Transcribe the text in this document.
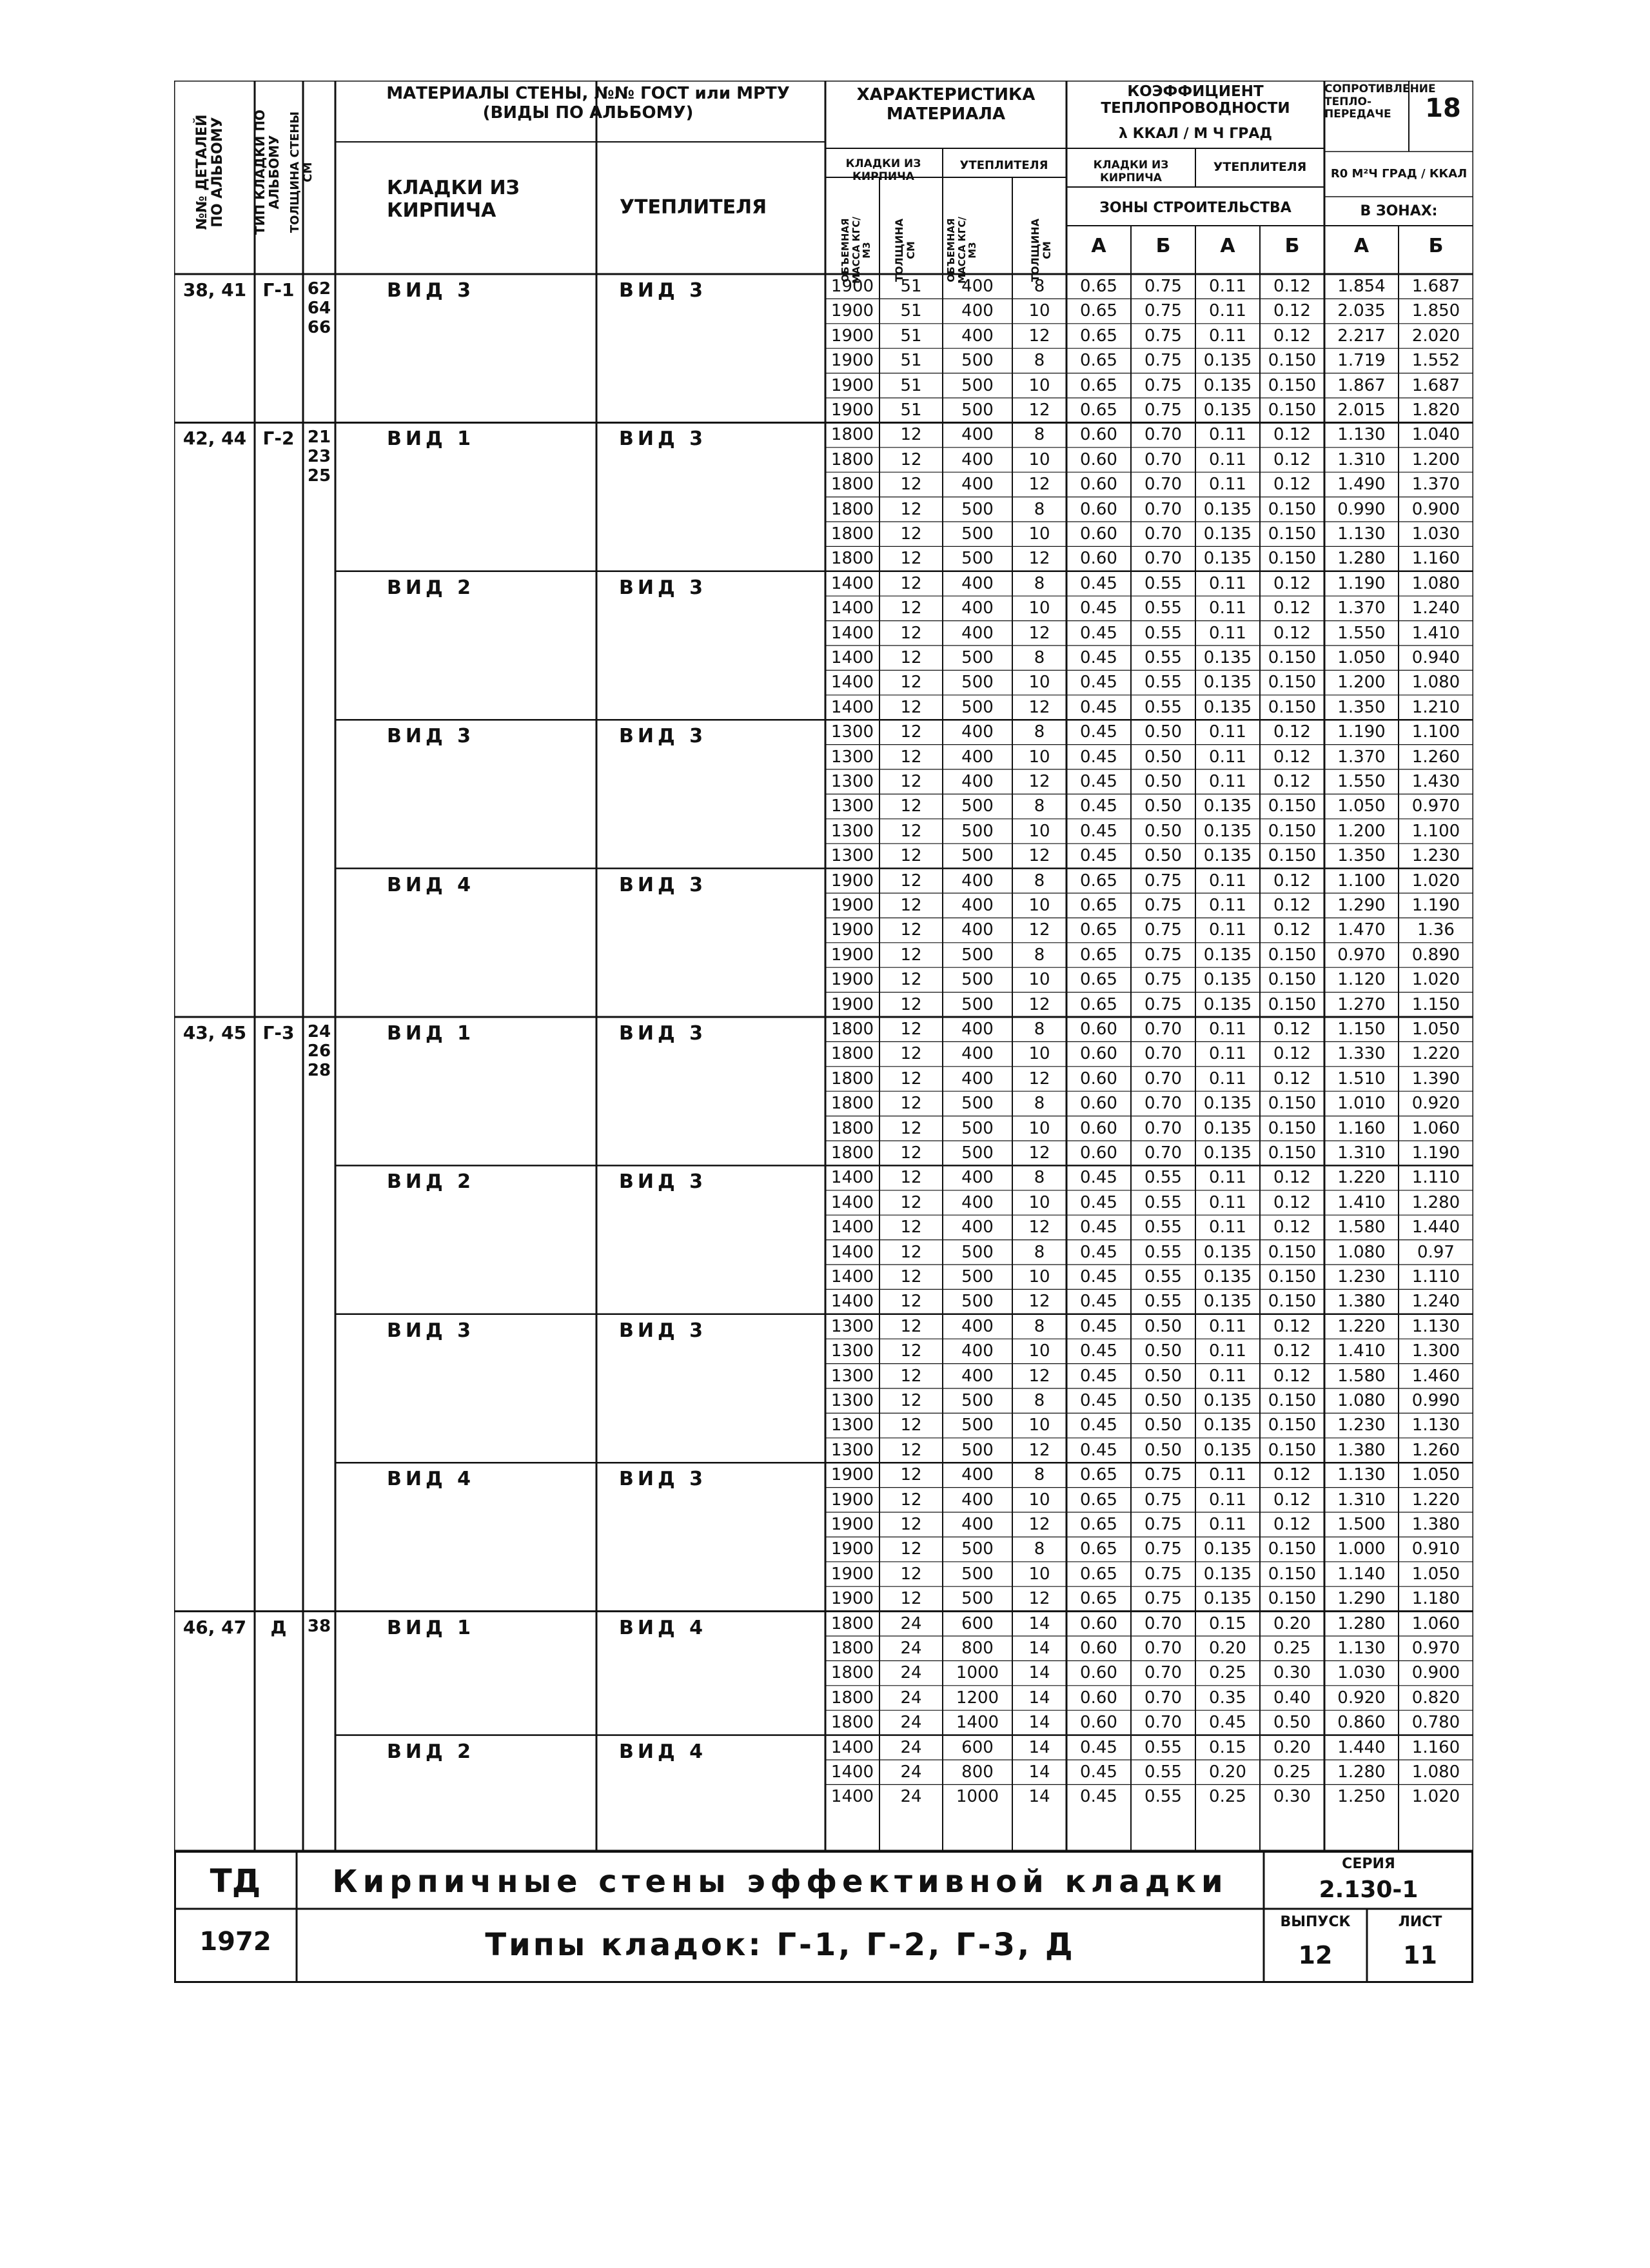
№№ ДЕТАЛЕЙ ПО АЛЬБОМУ ТИП КЛАДКИ ПО АЛЬБОМУ ТОЛЩИНА СТЕНЫ СМ
МАТЕРИАЛЫ СТЕНЫ, №№ ГОСТ или МРТУ (ВИДЫ ПО АЛЬБОМУ)
КЛАДКИ ИЗ КИРПИЧА	УТЕПЛИТЕЛЯ
ХАРАКТЕРИСТИКА МАТЕРИАЛА
КЛАДКИ ИЗ КИРПИЧА
УТЕПЛИТЕЛЯ
ОБЪЕМНАЯ МАССА КГС/М3	ТОЛЩИНА СМ	ОБЪЕМНАЯ МАССА КГС/М3	ТОЛЩИНА СМ
КОЭФФИЦИЕНТ ТЕПЛОПРОВОДНОСТИ
λ ККАЛ / М Ч ГРАД
КЛАДКИ ИЗ КИРПИЧА
УТЕПЛИТЕЛЯ
ЗОНЫ СТРОИТЕЛЬСТВА
СОПРОТИВЛЕНИЕ ТЕПЛО-ПЕРЕДАЧЕ
R0 М²Ч ГРАД / ККАЛ
В ЗОНАХ:
18
А	Б	А	Б	А	Б
ВИД 3	ВИД 3	1900	51	400	8	0.65	0.75	0.11	0.12	1.854	1.687
1900	51	400	10	0.65	0.75	0.11	0.12	2.035	1.850
1900	51	400	12	0.65	0.75	0.11	0.12	2.217	2.020
1900	51	500	8	0.65	0.75	0.135 0.150	1.719	1.552
1900	51	500	10	0.65	0.75	0.135 0.150	1.867	1.687
1900	51	500	12	0.65	0.75	0.135 0.150	2.015	1.820
38, 41 Г-1 62
64
66
ВИД 1	ВИД 3	1800	12	400	8	0.60	0.70	0.11	0.12	1.130	1.040
1800	12	400	10	0.60	0.70	0.11	0.12	1.310	1.200
1800	12	400	12	0.60	0.70	0.11	0.12	1.490	1.370
1800	12	500	8	0.60	0.70	0.135 0.150	0.990	0.900
1800	12	500	10	0.60	0.70	0.135 0.150	1.130	1.030
1800	12	500	12	0.60	0.70	0.135 0.150	1.280	1.160
ВИД 2	ВИД 3	1400	12	400	8	0.45	0.55	0.11	0.12	1.190	1.080
1400	12	400	10	0.45	0.55	0.11	0.12	1.370	1.240
1400	12	400	12	0.45	0.55	0.11	0.12	1.550	1.410
1400	12	500	8	0.45	0.55	0.135 0.150	1.050	0.940
1400	12	500	10	0.45	0.55	0.135 0.150	1.200	1.080
1400	12	500	12	0.45	0.55	0.135 0.150	1.350	1.210
ВИД 3	ВИД 3	1300	12	400	8	0.45	0.50	0.11	0.12	1.190	1.100
1300	12	400	10	0.45	0.50	0.11	0.12	1.370	1.260
1300	12	400	12	0.45	0.50	0.11	0.12	1.550	1.430
1300	12	500	8	0.45	0.50	0.135 0.150	1.050	0.970
1300	12	500	10	0.45	0.50	0.135 0.150	1.200	1.100
1300	12	500	12	0.45	0.50	0.135 0.150	1.350	1.230
ВИД 4	ВИД 3	1900	12	400	8	0.65	0.75	0.11	0.12	1.100	1.020
1900	12	400	10	0.65	0.75	0.11	0.12	1.290	1.190
1900	12	400	12	0.65	0.75	0.11	0.12	1.470	1.36
1900	12	500	8	0.65	0.75	0.135 0.150	0.970	0.890
1900	12	500	10	0.65	0.75	0.135 0.150	1.120	1.020
1900	12	500	12	0.65	0.75	0.135 0.150	1.270	1.150
42, 44 Г-2 21
23
25
ВИД 1	ВИД 3	1800	12	400	8	0.60	0.70	0.11	0.12	1.150	1.050
1800	12	400	10	0.60	0.70	0.11	0.12	1.330	1.220
1800	12	400	12	0.60	0.70	0.11	0.12	1.510	1.390
1800	12	500	8	0.60	0.70	0.135 0.150	1.010	0.920
1800	12	500	10	0.60	0.70	0.135 0.150	1.160	1.060
1800	12	500	12	0.60	0.70	0.135 0.150	1.310	1.190
ВИД 2	ВИД 3	1400	12	400	8	0.45	0.55	0.11	0.12	1.220	1.110
1400	12	400	10	0.45	0.55	0.11	0.12	1.410	1.280
1400	12	400	12	0.45	0.55	0.11	0.12	1.580	1.440
1400	12	500	8	0.45	0.55	0.135 0.150	1.080	0.97
1400	12	500	10	0.45	0.55	0.135 0.150	1.230	1.110
1400	12	500	12	0.45	0.55	0.135 0.150	1.380	1.240
ВИД 3	ВИД 3	1300	12	400	8	0.45	0.50	0.11	0.12	1.220	1.130
1300	12	400	10	0.45	0.50	0.11	0.12	1.410	1.300
1300	12	400	12	0.45	0.50	0.11	0.12	1.580	1.460
1300	12	500	8	0.45	0.50	0.135 0.150	1.080	0.990
1300	12	500	10	0.45	0.50	0.135 0.150	1.230	1.130
1300	12	500	12	0.45	0.50	0.135 0.150	1.380	1.260
ВИД 4	ВИД 3	1900	12	400	8	0.65	0.75	0.11	0.12	1.130	1.050
1900	12	400	10	0.65	0.75	0.11	0.12	1.310	1.220
1900	12	400	12	0.65	0.75	0.11	0.12	1.500	1.380
1900	12	500	8	0.65	0.75	0.135 0.150	1.000	0.910
1900	12	500	10	0.65	0.75	0.135 0.150	1.140	1.050
1900	12	500	12	0.65	0.75	0.135 0.150	1.290	1.180
43, 45 Г-3 24
26
28
ВИД 1	ВИД 4	1800	24	600	14	0.60	0.70	0.15	0.20	1.280	1.060
1800	24	800	14	0.60	0.70	0.20	0.25	1.130	0.970
1800	24	1000	14	0.60	0.70	0.25	0.30	1.030	0.900
1800	24	1200	14	0.60	0.70	0.35	0.40	0.920	0.820
1800	24	1400	14	0.60	0.70	0.45	0.50	0.860	0.780
ВИД 2	ВИД 4	1400	24	600	14	0.45	0.55	0.15	0.20	1.440	1.160
1400	24	800	14	0.45	0.55	0.20	0.25	1.280	1.080
1400	24	1000	14	0.45	0.55	0.25	0.30	1.250	1.020
46, 47	Д	38
ТД
1972
Кирпичные стены эффективной кладки
Типы кладок: Г-1, Г-2, Г-3, Д
СЕРИЯ
2.130-1
ВЫПУСК
12
ЛИСТ
11
